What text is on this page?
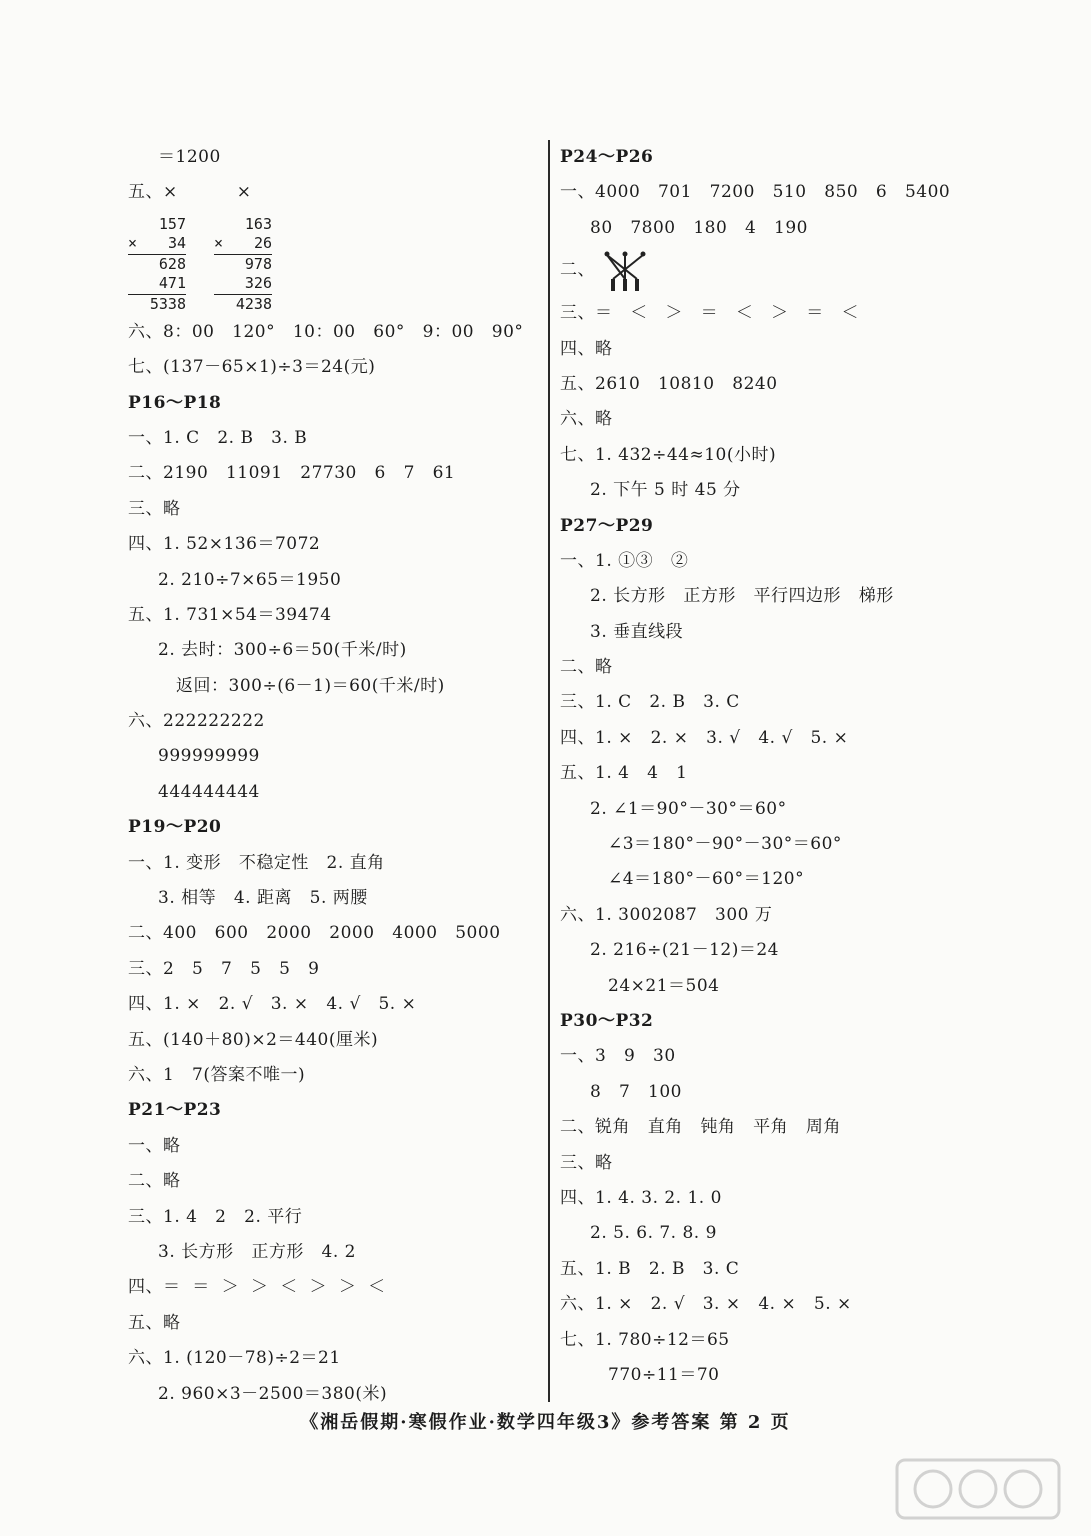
＝1200
五、×          ×
157
× 34
628
471
5338
163
× 26
978
326
4238
六、8：00   120°   10：00   60°   9：00   90°
七、(137－65×1)÷3＝24(元)
P16～P18
一、1. C   2. B   3. B
二、2190   11091   27730   6   7   61
三、略
四、1. 52×136＝7072
2. 210÷7×65＝1950
五、1. 731×54＝39474
2. 去时：300÷6＝50(千米/时)
返回：300÷(6－1)＝60(千米/时)
六、222222222
999999999
444444444
P19～P20
一、1. 变形   不稳定性   2. 直角
3. 相等   4. 距离   5. 两腰
二、400   600   2000   2000   4000   5000
三、2   5   7   5   5   9
四、1. ×   2. √   3. ×   4. √   5. ×
五、(140＋80)×2＝440(厘米)
六、1   7(答案不唯一)
P21～P23
一、略
二、略
三、1. 4   2   2. 平行
3. 长方形   正方形   4. 2
四、＝  ＝  ＞  ＞  ＜  ＞  ＞  ＜
五、略
六、1. (120－78)÷2＝21
2. 960×3－2500＝380(米)
P24～P26
一、4000   701   7200   510   850   6   5400
80   7800   180   4   190
二、
三、＝   ＜   ＞   ＝   ＜   ＞   ＝   ＜
四、略
五、2610   10810   8240
六、略
七、1. 432÷44≈10(小时)
2. 下午 5 时 45 分
P27～P29
一、1. ①③   ②
2. 长方形   正方形   平行四边形   梯形
3. 垂直线段
二、略
三、1. C   2. B   3. C
四、1. ×   2. ×   3. √   4. √   5. ×
五、1. 4   4   1
2. ∠1＝90°－30°＝60°
∠3＝180°－90°－30°＝60°
∠4＝180°－60°＝120°
六、1. 3002087   300 万
2. 216÷(21－12)＝24
24×21＝504
P30～P32
一、3   9   30
8   7   100
二、锐角   直角   钝角   平角   周角
三、略
四、1. 4. 3. 2. 1. 0
2. 5. 6. 7. 8. 9
五、1. B   2. B   3. C
六、1. ×   2. √   3. ×   4. ×   5. ×
七、1. 780÷12＝65
770÷11＝70
《湘岳假期·寒假作业·数学四年级3》参考答案 第 2 页
